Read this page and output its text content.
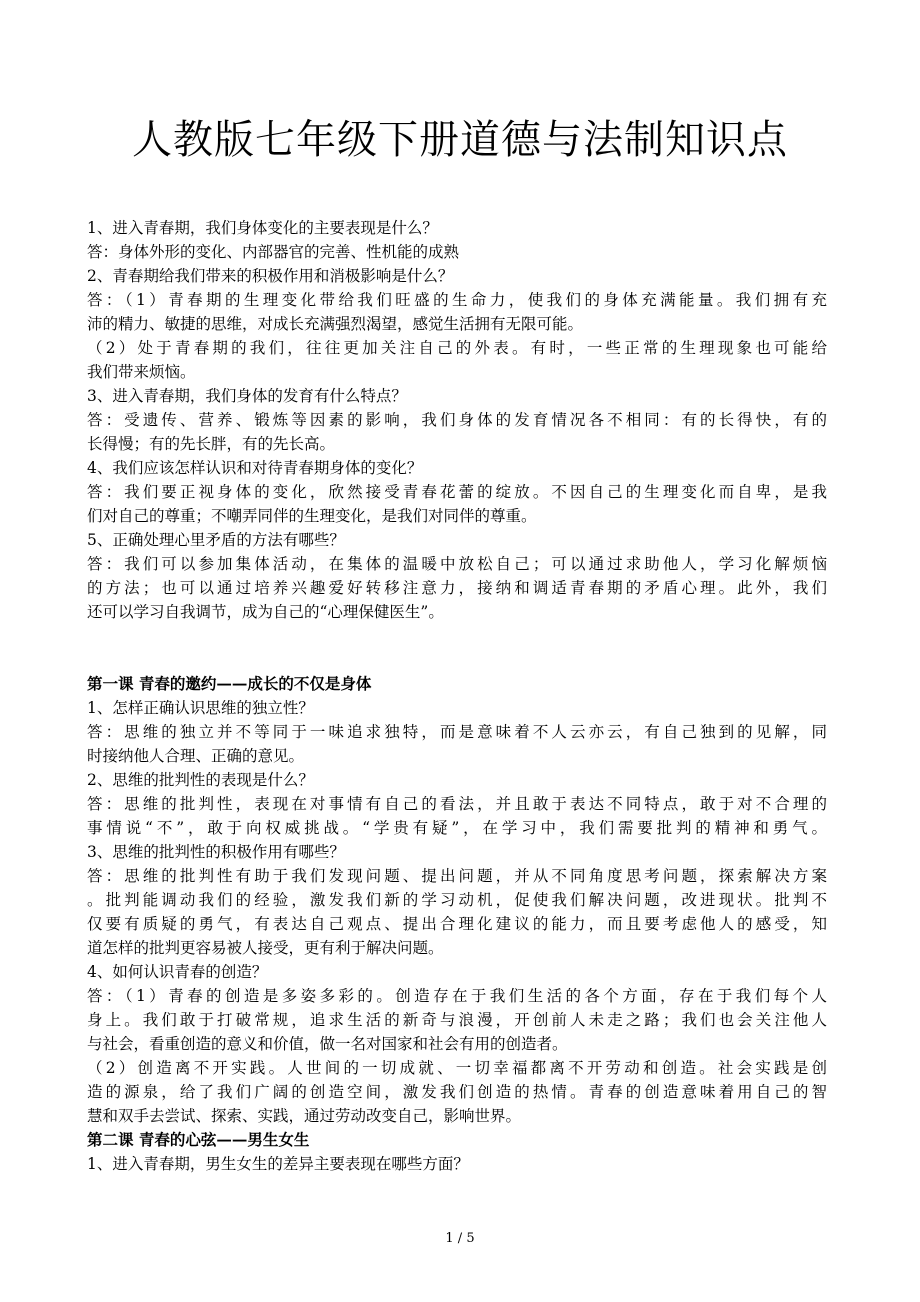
人教版七年级下册道德与法制知识点

1、进入青春期，我们身体变化的主要表现是什么？

答：身体外形的变化、内部器官的完善、性机能的成熟

2、青春期给我们带来的积极作用和消极影响是什么？

答：（1）青春期的生理变化带给我们旺盛的生命力，使我们的身体充满能量。我们拥有充

沛的精力、敏捷的思维，对成长充满强烈渴望，感觉生活拥有无限可能。

（2）处于青春期的我们，往往更加关注自己的外表。有时，一些正常的生理现象也可能给

我们带来烦恼。

3、进入青春期，我们身体的发育有什么特点？

答：受遗传、营养、锻炼等因素的影响，我们身体的发育情况各不相同：有的长得快，有的

长得慢；有的先长胖，有的先长高。

4、我们应该怎样认识和对待青春期身体的变化？

答：我们要正视身体的变化，欣然接受青春花蕾的绽放。不因自己的生理变化而自卑，是我

们对自己的尊重；不嘲弄同伴的生理变化，是我们对同伴的尊重。

5、正确处理心里矛盾的方法有哪些？

答：我们可以参加集体活动，在集体的温暖中放松自己；可以通过求助他人，学习化解烦恼

的方法；也可以通过培养兴趣爱好转移注意力，接纳和调适青春期的矛盾心理。此外，我们

还可以学习自我调节，成为自己的“心理保健医生”。

第一课 青春的邀约——成长的不仅是身体

1、怎样正确认识思维的独立性？

答：思维的独立并不等同于一味追求独特，而是意味着不人云亦云，有自己独到的见解，同

时接纳他人合理、正确的意见。

2、思维的批判性的表现是什么？

答：思维的批判性，表现在对事情有自己的看法，并且敢于表达不同特点，敢于对不合理的

事情说“不”，敢于向权威挑战。“学贵有疑”，在学习中，我们需要批判的精神和勇气。

3、思维的批判性的积极作用有哪些？

答：思维的批判性有助于我们发现问题、提出问题，并从不同角度思考问题，探索解决方案

。批判能调动我们的经验，激发我们新的学习动机，促使我们解决问题，改进现状。批判不

仅要有质疑的勇气，有表达自己观点、提出合理化建议的能力，而且要考虑他人的感受，知

道怎样的批判更容易被人接受，更有利于解决问题。

4、如何认识青春的创造？

答：（1）青春的创造是多姿多彩的。创造存在于我们生活的各个方面，存在于我们每个人

身上。我们敢于打破常规，追求生活的新奇与浪漫，开创前人未走之路；我们也会关注他人

与社会，看重创造的意义和价值，做一名对国家和社会有用的创造者。

（2）创造离不开实践。人世间的一切成就、一切幸福都离不开劳动和创造。社会实践是创

造的源泉，给了我们广阔的创造空间，激发我们创造的热情。青春的创造意味着用自己的智

慧和双手去尝试、探索、实践，通过劳动改变自己，影响世界。

第二课 青春的心弦——男生女生

1、进入青春期，男生女生的差异主要表现在哪些方面？

1 / 5
